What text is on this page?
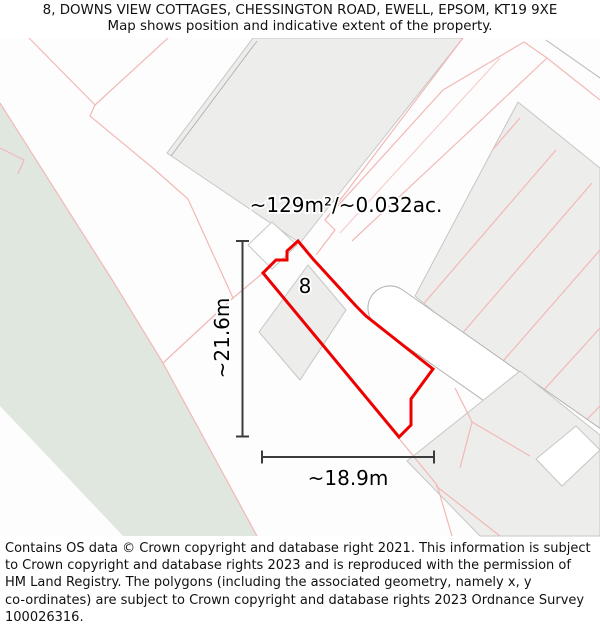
8, DOWNS VIEW COTTAGES, CHESSINGTON ROAD, EWELL, EPSOM, KT19 9XE
Map shows position and indicative extent of the property.
~129m²/~0.032ac.
8
~21.6m
~18.9m
Contains OS data © Crown copyright and database right 2021. This information is subject
to Crown copyright and database rights 2023 and is reproduced with the permission of
HM Land Registry. The polygons (including the associated geometry, namely x, y
co-ordinates) are subject to Crown copyright and database rights 2023 Ordnance Survey
100026316.
